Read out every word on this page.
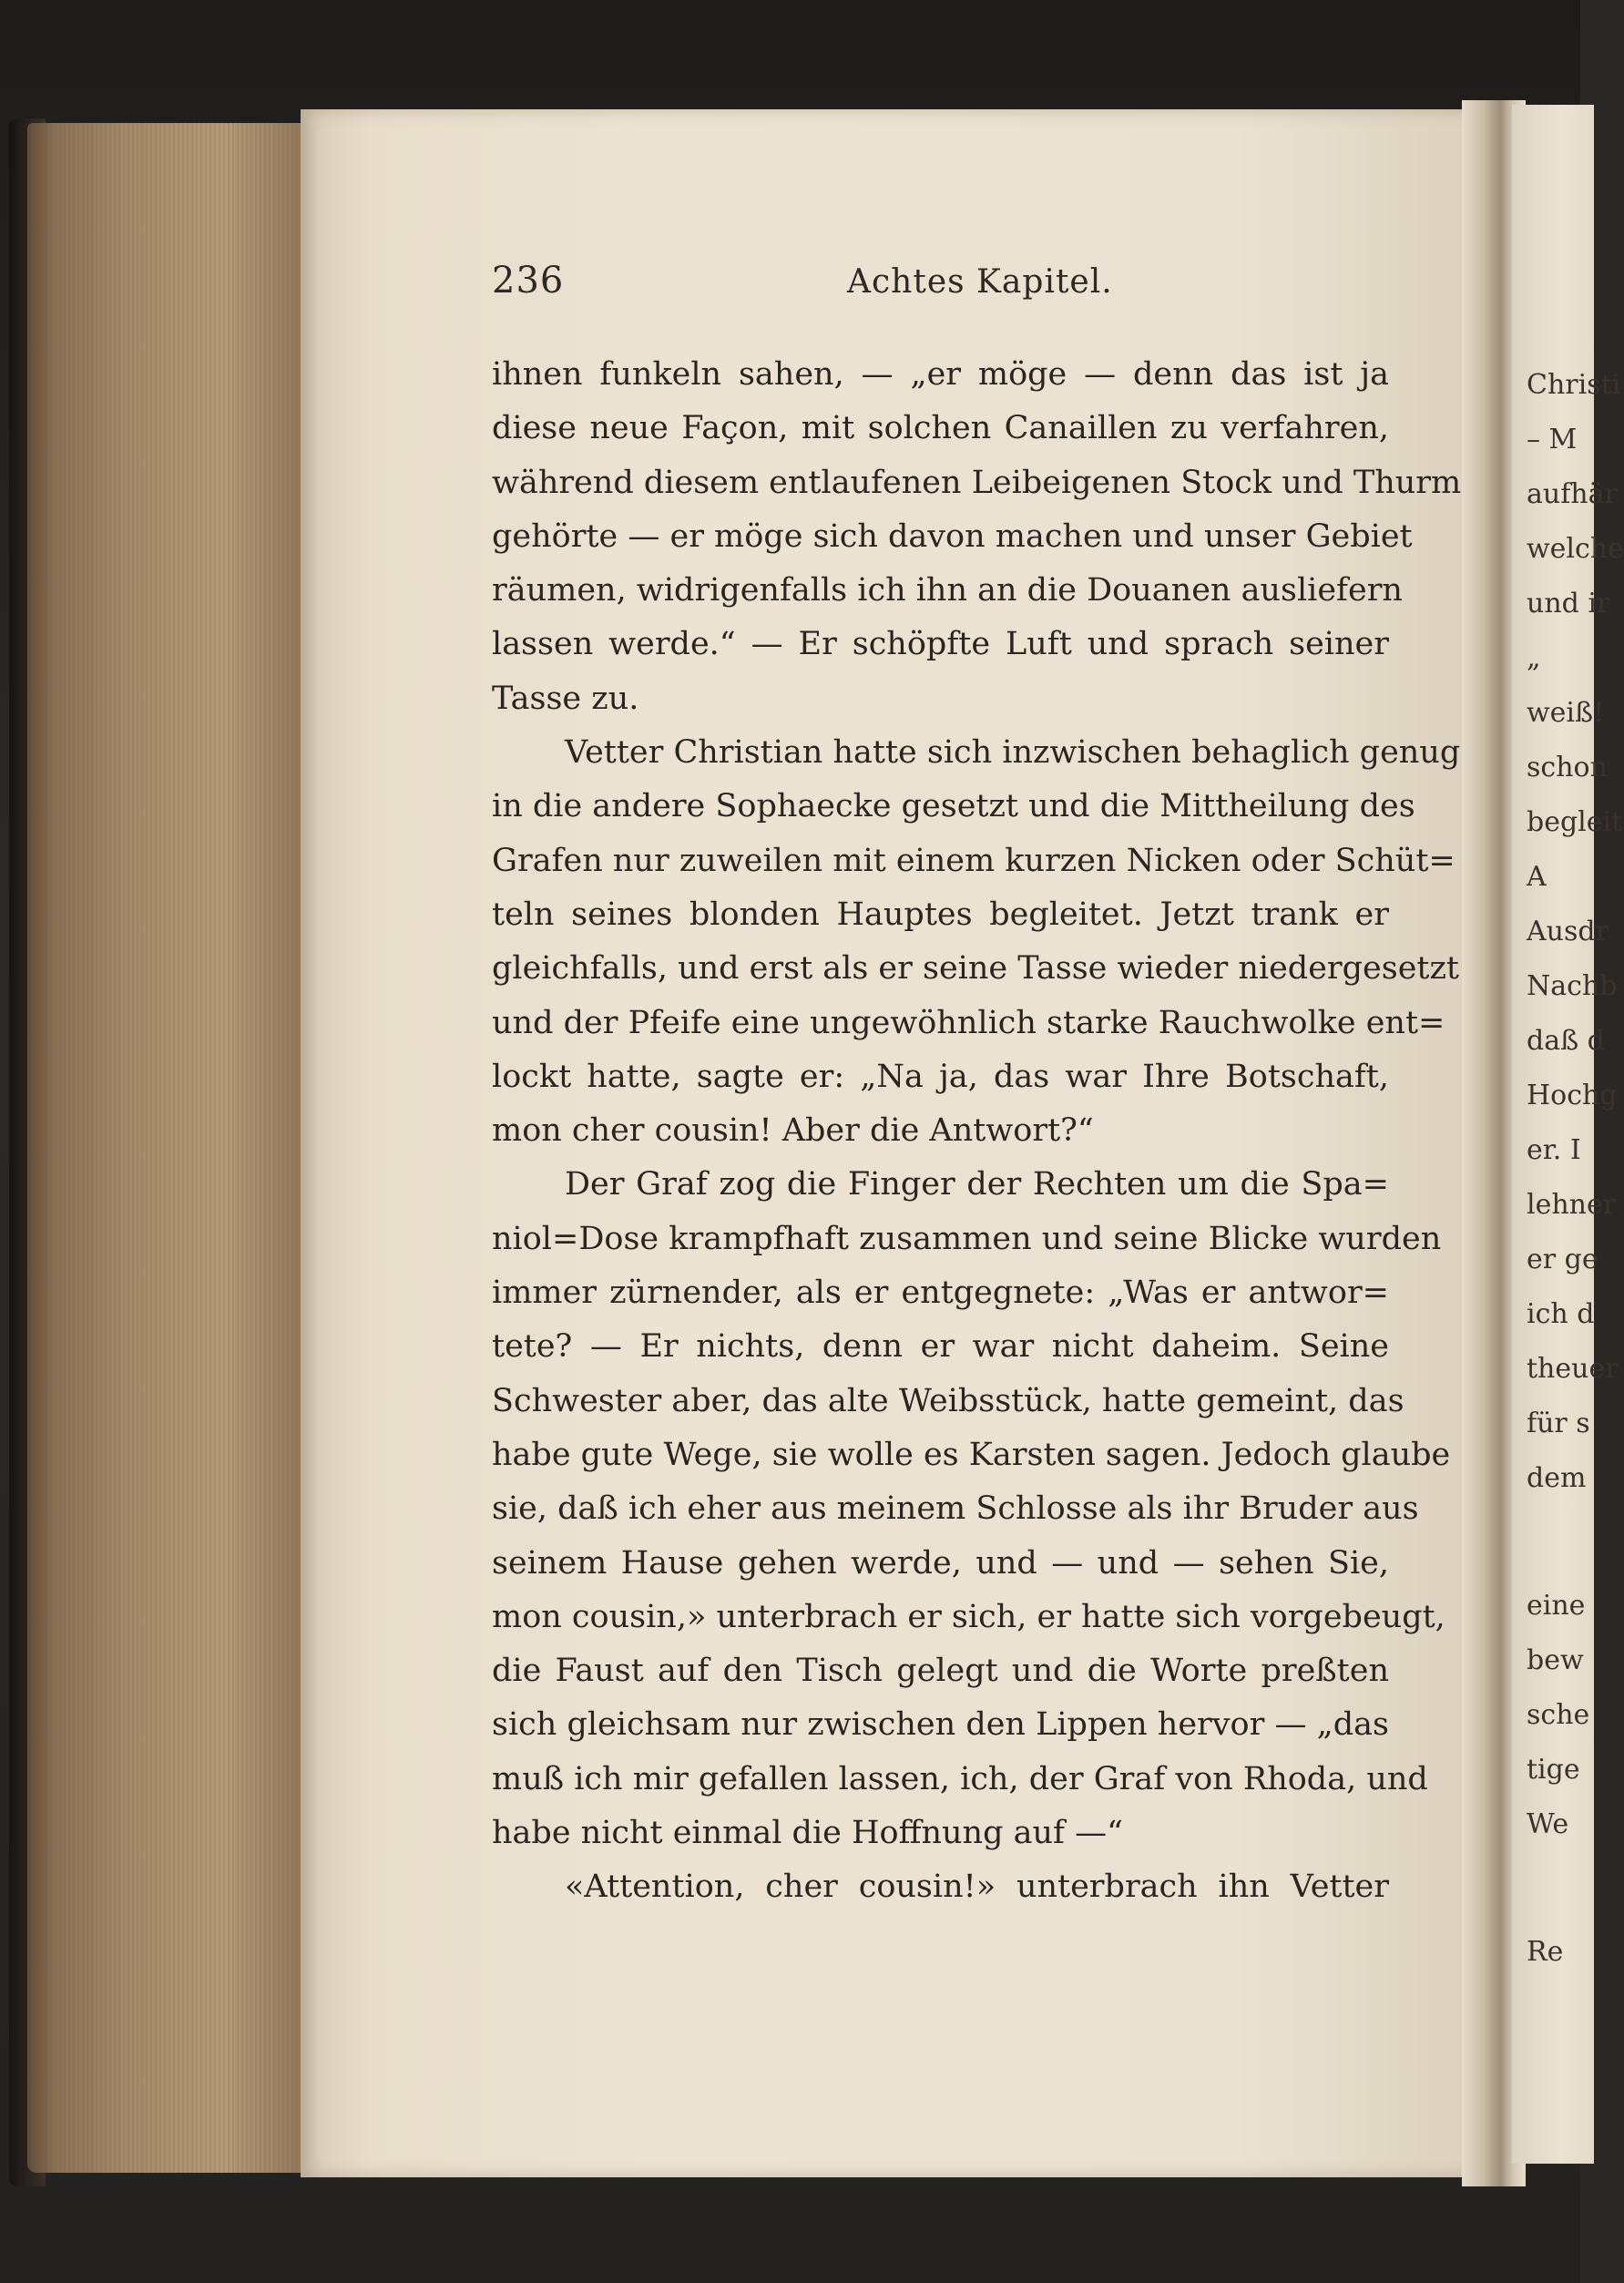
Christi
– M
aufhär
welche
und ir
„
weiß!
schon
begleit
A
Ausdr
Nachb
daß d
Hochg
er. I
lehner
er ge
ich d
theuer
für s
dem
eine
bew
sche
tige
We
Re
236	Achtes Kapitel.
ihnen funkeln sahen, — „er möge — denn das ist ja
diese neue Façon, mit solchen Canaillen zu verfahren,
während diesem entlaufenen Leibeigenen Stock und Thurm
gehörte — er möge sich davon machen und unser Gebiet
räumen, widrigenfalls ich ihn an die Douanen ausliefern
lassen werde.“ — Er schöpfte Luft und sprach seiner
Tasse zu.
Vetter Christian hatte sich inzwischen behaglich genug
in die andere Sophaecke gesetzt und die Mittheilung des
Grafen nur zuweilen mit einem kurzen Nicken oder Schüt=
teln seines blonden Hauptes begleitet. Jetzt trank er
gleichfalls, und erst als er seine Tasse wieder niedergesetzt
und der Pfeife eine ungewöhnlich starke Rauchwolke ent=
lockt hatte, sagte er: „Na ja, das war Ihre Botschaft,
mon cher cousin! Aber die Antwort?“
Der Graf zog die Finger der Rechten um die Spa=
niol=Dose krampfhaft zusammen und seine Blicke wurden
immer zürnender, als er entgegnete: „Was er antwor=
tete? — Er nichts, denn er war nicht daheim. Seine
Schwester aber, das alte Weibsstück, hatte gemeint, das
habe gute Wege, sie wolle es Karsten sagen. Jedoch glaube
sie, daß ich eher aus meinem Schlosse als ihr Bruder aus
seinem Hause gehen werde, und — und — sehen Sie,
mon cousin,» unterbrach er sich, er hatte sich vorgebeugt,
die Faust auf den Tisch gelegt und die Worte preßten
sich gleichsam nur zwischen den Lippen hervor — „das
muß ich mir gefallen lassen, ich, der Graf von Rhoda, und
habe nicht einmal die Hoffnung auf —“
«Attention, cher cousin!» unterbrach ihn Vetter
